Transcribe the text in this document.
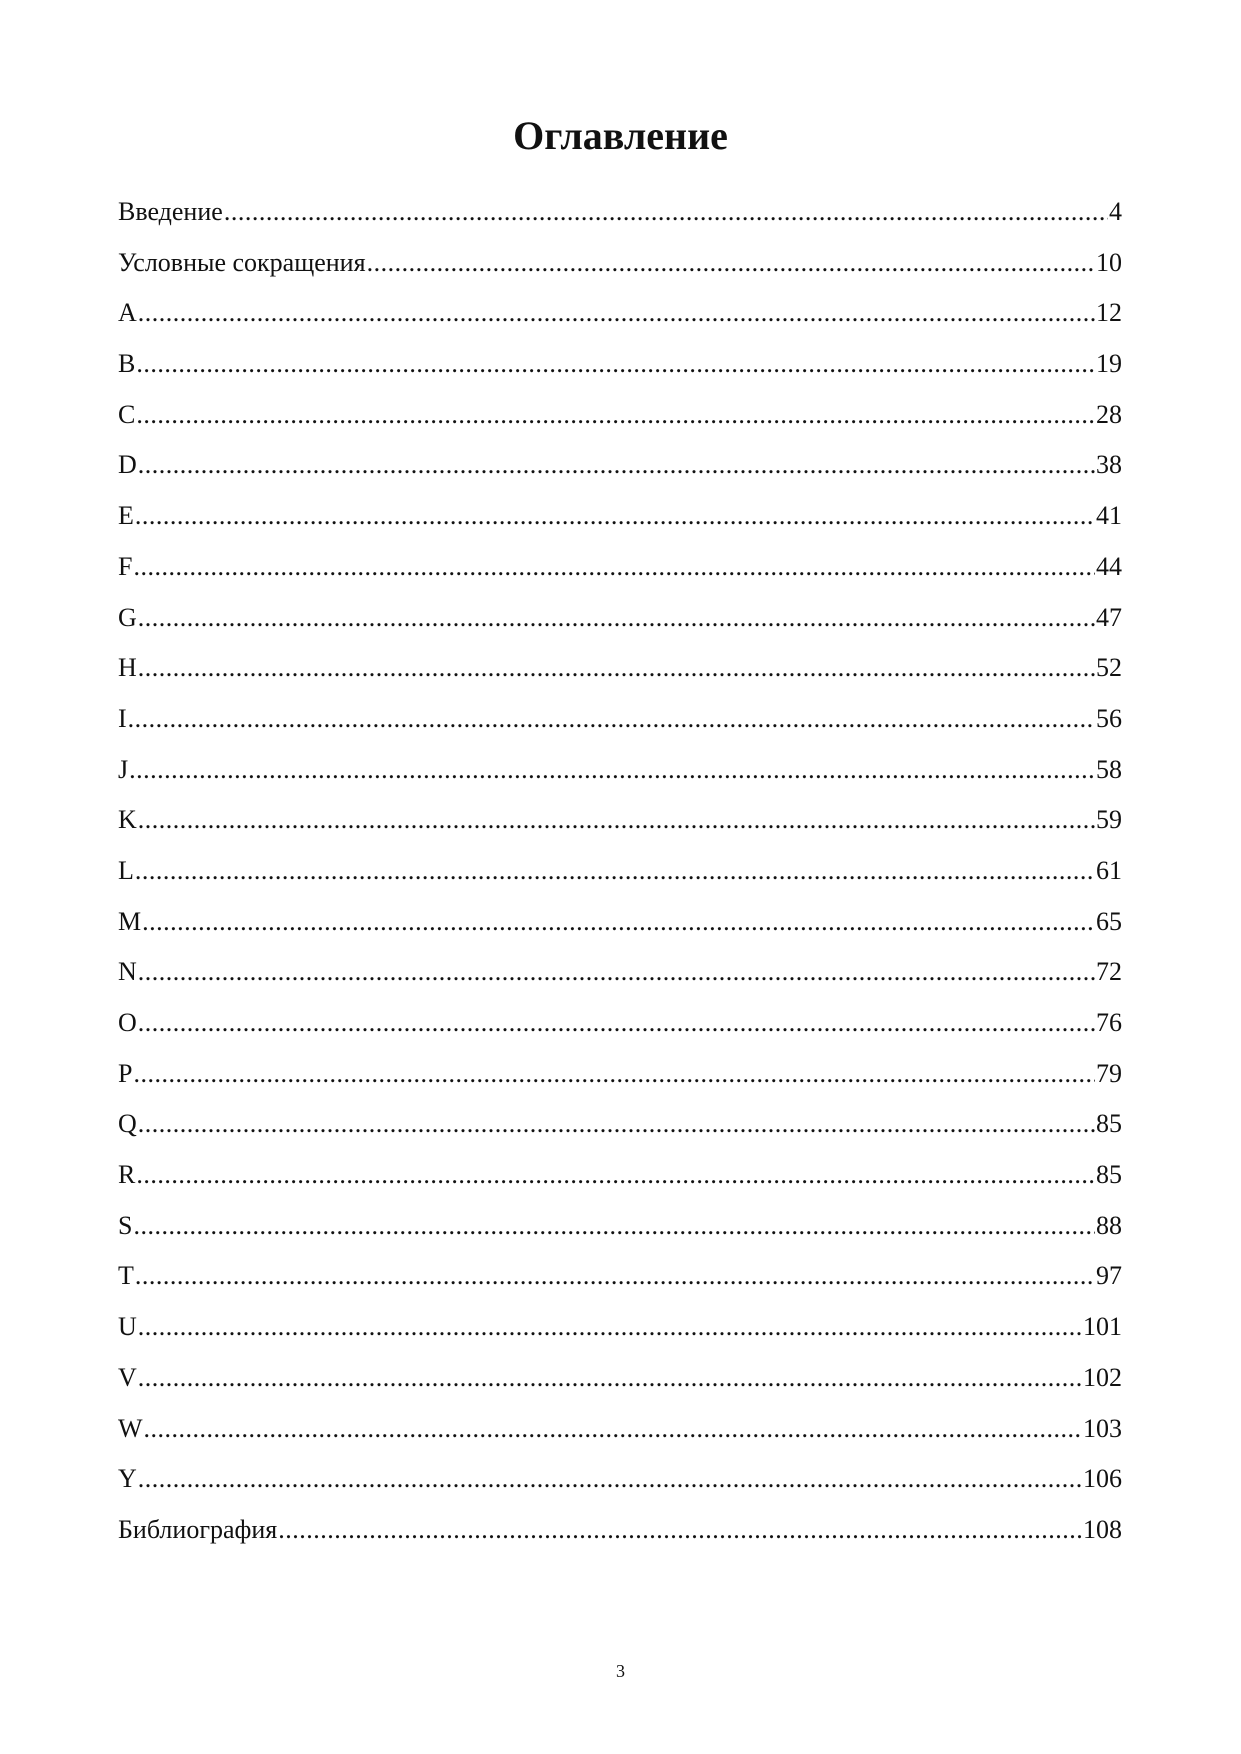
Оглавление
Введение .....	4
Условные сокращения .....	10
A .....	12
B .....	19
C .....	28
D .....	38
E .....	41
F .....	44
G .....	47
H .....	52
I .....	56
J .....	58
K .....	59
L .....	61
M .....	65
N .....	72
O .....	76
P .....	79
Q .....	85
R .....	85
S .....	88
T .....	97
U .....	101
V .....	102
W .....	103
Y .....	106
Библиография .....	108
3
